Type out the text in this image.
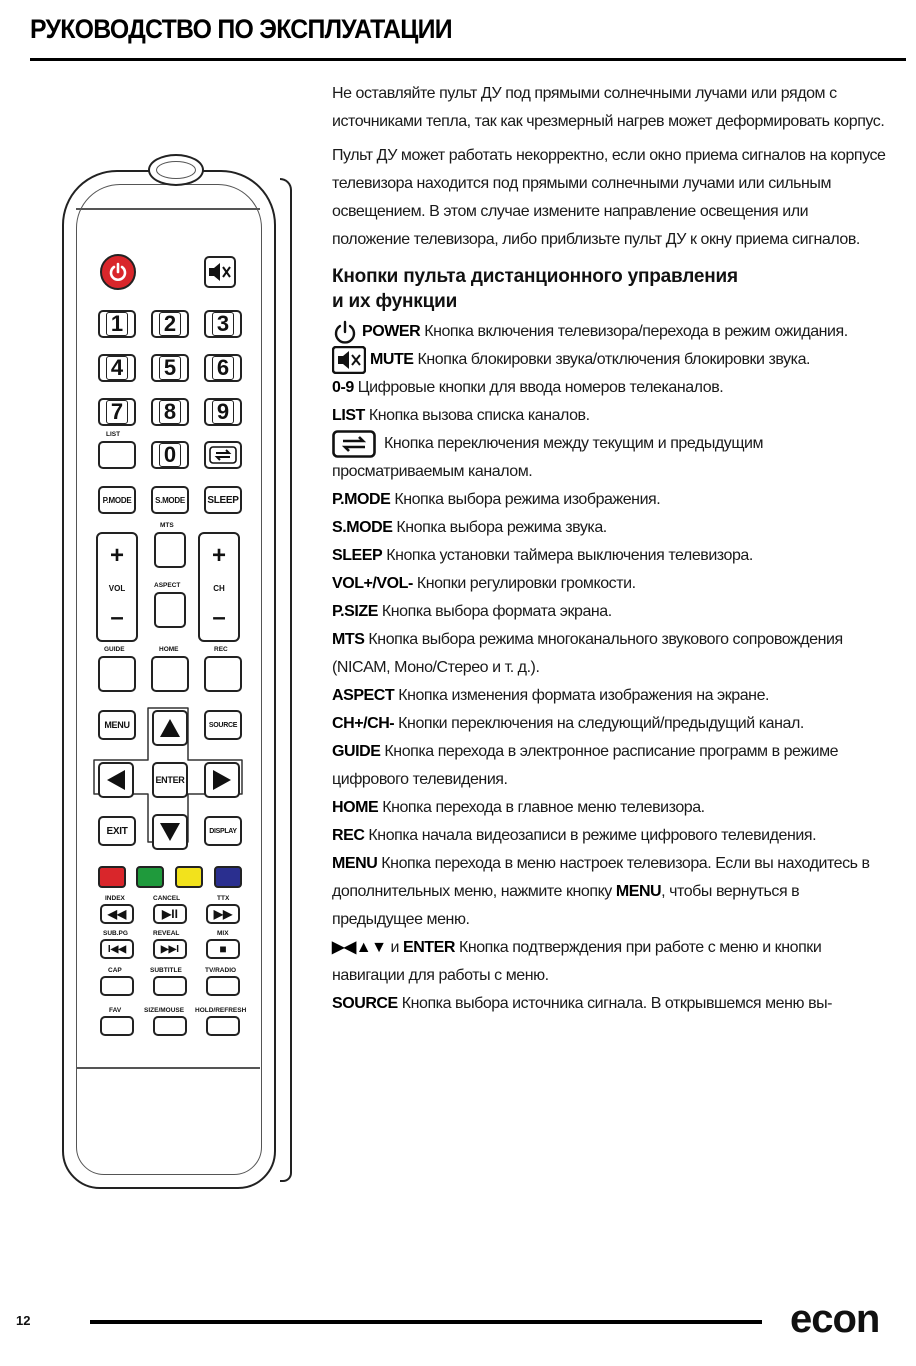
РУКОВОДСТВО ПО ЭКСПЛУАТАЦИИ
1 2 3
4 5 6
7 8 9
LIST
0
P.MODE	S.MODE	SLEEP
+
VOL
–
MTS
ASPECT
+
CH
–
GUIDE	HOME	REC
MENU	SOURCE
ENTER
EXIT	DISPLAY
INDEX	CANCEL	TTX
◀◀	▶II	▶▶
SUB.PG	REVEAL	MIX
I◀◀	▶▶I	■
CAP	SUBTITLE	TV/RADIO
FAV	SIZE/MOUSE HOLD/REFRESH

Не оставляйте пульт ДУ под прямыми солнечными лучами или рядом с источниками тепла, так как чрезмерный нагрев может деформировать корпус.

Пульт ДУ может работать некорректно, если окно приема сигналов на корпусе телевизора находится под прямыми солнечными лучами или сильным освещением. В этом случае измените направление освещения или положение телевизора, либо приблизьте пульт ДУ к окну приема сигналов.

Кнопки пульта дистанционного управления
и их функции

POWER Кнопка включения телевизора/перехода в режим ожидания.

MUTE Кнопка блокировки звука/отключения блокировки звука.

0-9 Цифровые кнопки для ввода номеров телеканалов.

LIST Кнопка вызова списка каналов.

Кнопка переключения между текущим и предыдущим просматриваемым каналом.

P.MODE Кнопка выбора режима изображения.

S.MODE Кнопка выбора режима звука.

SLEEP Кнопка установки таймера выключения телевизора.

VOL+/VOL- Кнопки регулировки громкости.

P.SIZE Кнопка выбора формата экрана.

MTS Кнопка выбора режима многоканального звукового сопровождения (NICAM, Моно/Стерео и т. д.).

ASPECT Кнопка изменения формата изображения на экране.

CH+/CH- Кнопки переключения на следующий/предыдущий канал.

GUIDE Кнопка перехода в электронное расписание программ в режиме цифрового телевидения.

HOME Кнопка перехода в главное меню телевизора.

REC Кнопка начала видеозаписи в режиме цифрового телевидения.

MENU Кнопка перехода в меню настроек телевизора. Если вы находитесь в дополнительных меню, нажмите кнопку MENU, чтобы вернуться в предыдущее меню.

▶◀▲▼ и ENTER Кнопка подтверждения при работе с меню и кнопки навигации для работы с меню.

SOURCE Кнопка выбора источника сигнала. В открывшемся меню вы-

12	econ
